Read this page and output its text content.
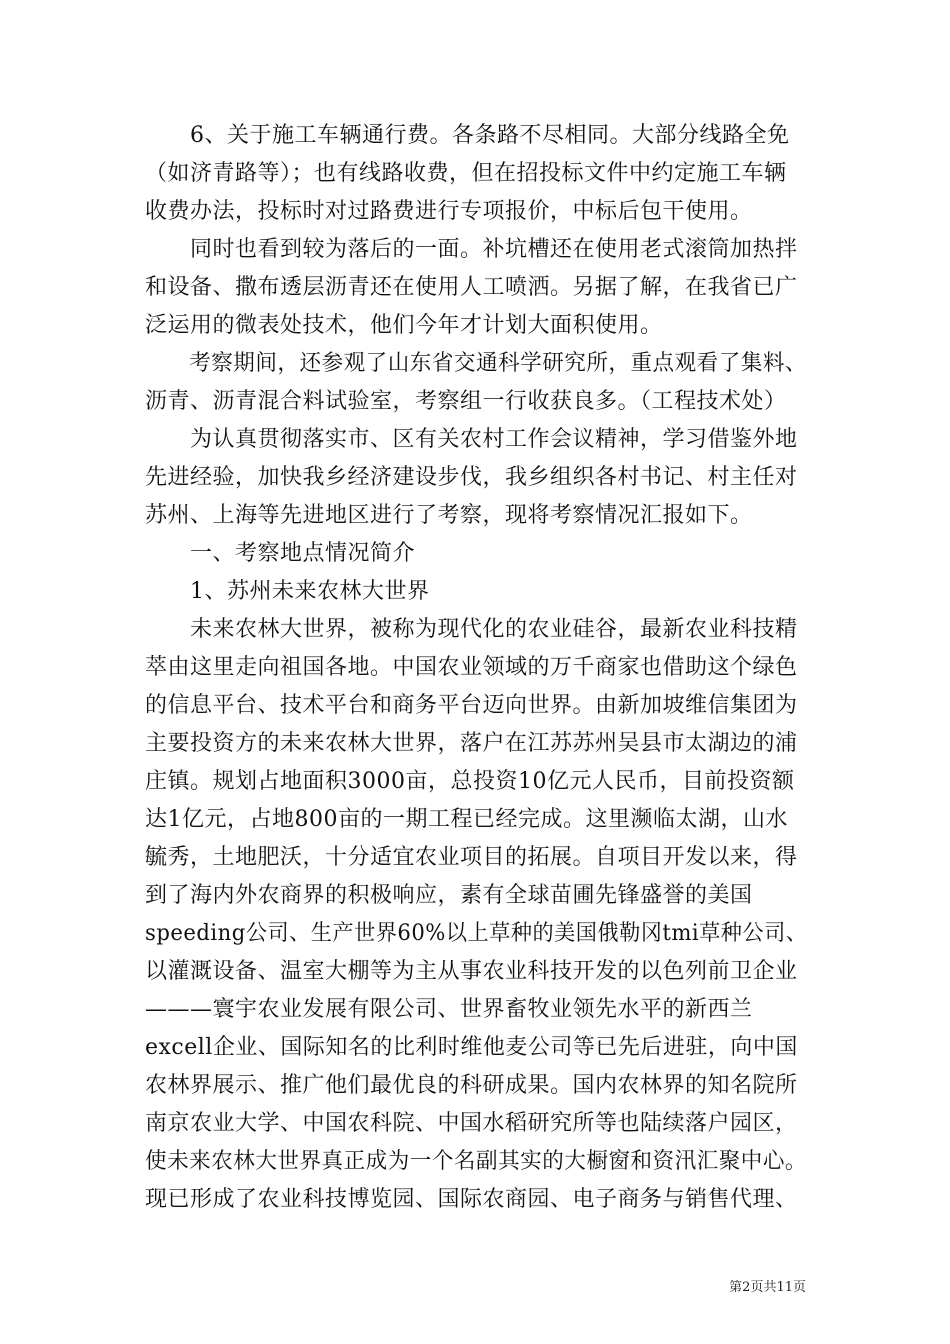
　　6、关于施工车辆通行费。各条路不尽相同。大部分线路全免
（如济青路等）；也有线路收费，但在招投标文件中约定施工车辆
收费办法，投标时对过路费进行专项报价，中标后包干使用。
　　同时也看到较为落后的一面。补坑槽还在使用老式滚筒加热拌
和设备、撒布透层沥青还在使用人工喷洒。另据了解，在我省已广
泛运用的微表处技术，他们今年才计划大面积使用。
　　考察期间，还参观了山东省交通科学研究所，重点观看了集料、
沥青、沥青混合料试验室，考察组一行收获良多。（工程技术处）
　　为认真贯彻落实市、区有关农村工作会议精神，学习借鉴外地
先进经验，加快我乡经济建设步伐，我乡组织各村书记、村主任对
苏州、上海等先进地区进行了考察，现将考察情况汇报如下。
　　一、考察地点情况简介
　　1、苏州未来农林大世界
　　未来农林大世界，被称为现代化的农业硅谷，最新农业科技精
萃由这里走向祖国各地。中国农业领域的万千商家也借助这个绿色
的信息平台、技术平台和商务平台迈向世界。由新加坡维信集团为
主要投资方的未来农林大世界，落户在江苏苏州吴县市太湖边的浦
庄镇。规划占地面积3000亩，总投资10亿元人民币，目前投资额
达1亿元，占地800亩的一期工程已经完成。这里濒临太湖，山水
毓秀，土地肥沃，十分适宜农业项目的拓展。自项目开发以来，得
到了海内外农商界的积极响应，素有全球苗圃先锋盛誉的美国
speeding公司、生产世界60%以上草种的美国俄勒冈tmi草种公司、
以灌溉设备、温室大棚等为主从事农业科技开发的以色列前卫企业
———寰宇农业发展有限公司、世界畜牧业领先水平的新西兰
excell企业、国际知名的比利时维他麦公司等已先后进驻，向中国
农林界展示、推广他们最优良的科研成果。国内农林界的知名院所
南京农业大学、中国农科院、中国水稻研究所等也陆续落户园区，
使未来农林大世界真正成为一个名副其实的大橱窗和资汛汇聚中心。
现已形成了农业科技博览园、国际农商园、电子商务与销售代理、
第2页共11页
